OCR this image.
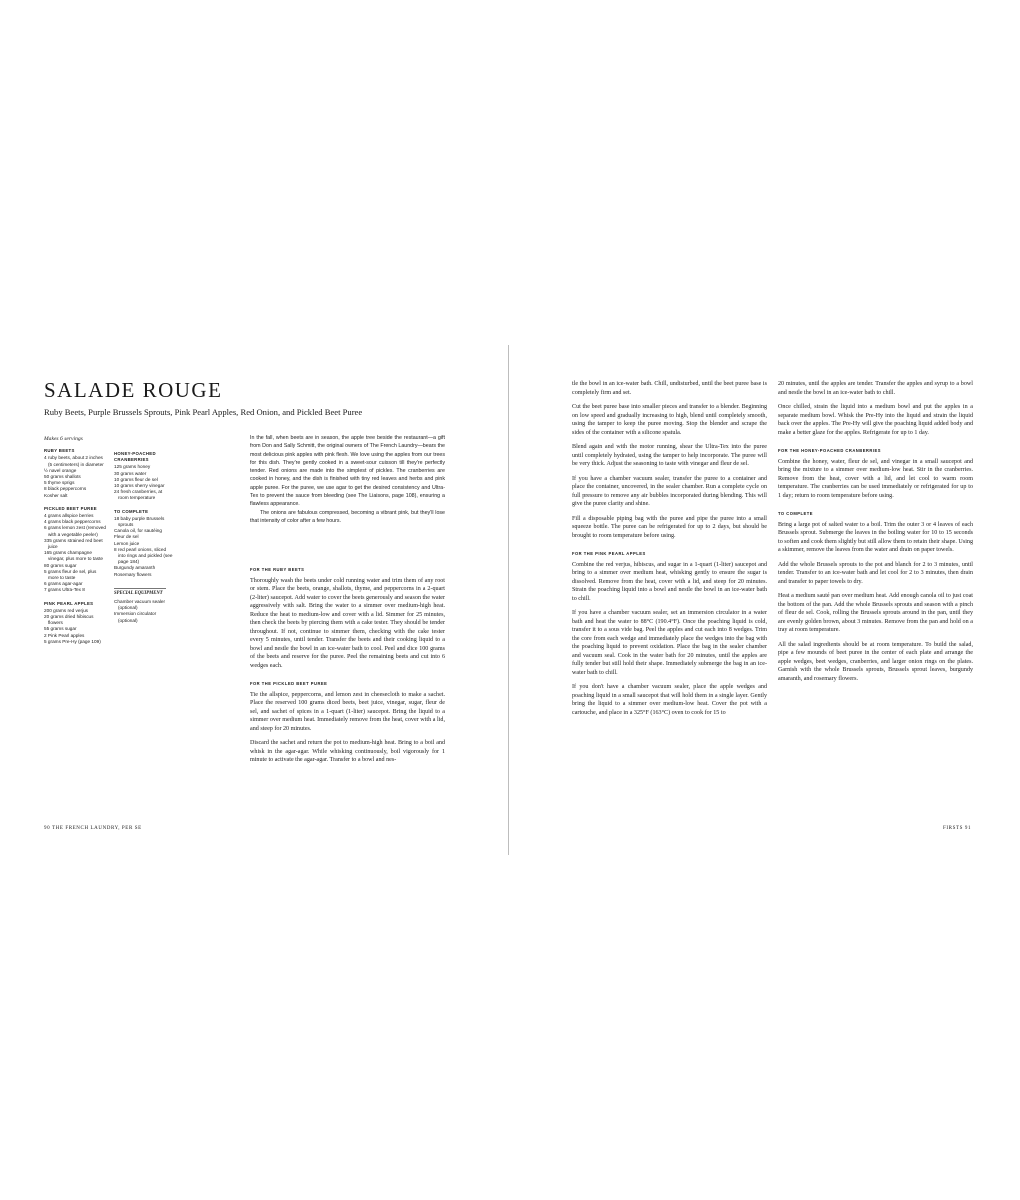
SALADE ROUGE

Ruby Beets, Purple Brussels Sprouts, Pink Pearl Apples, Red Onion, and Pickled Beet Puree

Makes 6 servings
RUBY BEETS
4 ruby beets, about 2 inches (5 centimeters) in diameter
½ navel orange
50 grams shallots
5 thyme sprigs
8 black peppercorns
Kosher salt
PICKLED BEET PUREE
4 grams allspice berries
4 grams black peppercorns
6 grams lemon zest (removed with a vegetable peeler)
335 grams strained red beet juice
165 grams champagne vinegar, plus more to taste
80 grams sugar
5 grams fleur de sel, plus more to taste
6 grams agar-agar
7 grams Ultra-Tex 8
PINK PEARL APPLES
200 grams red verjus
20 grams dried hibiscus flowers
55 grams sugar
2 Pink Pearl apples
5 grams Pre-Hy (page 109)
HONEY-POACHED CRANBERRIES
125 grams honey
30 grams water
10 grams fleur de sel
10 grams sherry vinegar
24 fresh cranberries, at room temperature
TO COMPLETE
18 baby purple Brussels sprouts
Canola oil, for sautéing
Fleur de sel
Lemon juice
8 red pearl onions, sliced into rings and pickled (see page 184)
Burgundy amaranth
Rosemary flowers
SPECIAL EQUIPMENT
Chamber vacuum sealer (optional)
Immersion circulator (optional)

In the fall, when beets are in season, the apple tree beside the restaurant—a gift from Don and Sally Schmitt, the original owners of The French Laundry—bears the most delicious pink apples with pink flesh. We love using the apples from our trees for this dish. They're gently cooked in a sweet-sour cuisson till they're perfectly tender. Red onions are made into the simplest of pickles. The cranberries are cooked in honey, and the dish is finished with tiny red leaves and herbs and pink apple puree. For the puree, we use agar to get the desired consistency and Ultra-Tex to prevent the sauce from bleeding (see The Liaisons, page 108), ensuring a flawless appearance.

The onions are fabulous compressed, becoming a vibrant pink, but they'll lose that intensity of color after a few hours.

FOR THE RUBY BEETS

Thoroughly wash the beets under cold running water and trim them of any root or stem. Place the beets, orange, shallots, thyme, and peppercorns in a 2-quart (2-liter) saucepot. Add water to cover the beets generously and season the water aggressively with salt. Bring the water to a simmer over medium-high heat. Reduce the heat to medium-low and cover with a lid. Simmer for 25 minutes, then check the beets by piercing them with a cake tester. They should be tender throughout. If not, continue to simmer them, checking with the cake tester every 5 minutes, until tender. Transfer the beets and their cooking liquid to a bowl and nestle the bowl in an ice-water bath to cool. Peel and dice 100 grams of the beets and reserve for the puree. Peel the remaining beets and cut into 6 wedges each.

FOR THE PICKLED BEET PUREE

Tie the allspice, peppercorns, and lemon zest in cheesecloth to make a sachet. Place the reserved 100 grams diced beets, beet juice, vinegar, sugar, fleur de sel, and sachet of spices in a 1-quart (1-liter) saucepot. Bring the liquid to a simmer over medium heat. Immediately remove from the heat, cover with a lid, and steep for 20 minutes.

Discard the sachet and return the pot to medium-high heat. Bring to a boil and whisk in the agar-agar. While whisking continuously, boil vigorously for 1 minute to activate the agar-agar. Transfer to a bowl and nes-

90 THE FRENCH LAUNDRY, PER SE

tle the bowl in an ice-water bath. Chill, undisturbed, until the beet puree base is completely firm and set.

Cut the beet puree base into smaller pieces and transfer to a blender. Beginning on low speed and gradually increasing to high, blend until completely smooth, using the tamper to keep the puree moving. Stop the blender and scrape the sides of the container with a silicone spatula.

Blend again and with the motor running, shear the Ultra-Tex into the puree until completely hydrated, using the tamper to help incorporate. The puree will be very thick. Adjust the seasoning to taste with vinegar and fleur de sel.

If you have a chamber vacuum sealer, transfer the puree to a container and place the container, uncovered, in the sealer chamber. Run a complete cycle on full pressure to remove any air bubbles incorporated during blending. This will give the puree clarity and shine.

Fill a disposable piping bag with the puree and pipe the puree into a small squeeze bottle. The puree can be refrigerated for up to 2 days, but should be brought to room temperature before using.

FOR THE PINK PEARL APPLES

Combine the red verjus, hibiscus, and sugar in a 1-quart (1-liter) saucepot and bring to a simmer over medium heat, whisking gently to ensure the sugar is dissolved. Remove from the heat, cover with a lid, and steep for 20 minutes. Strain the poaching liquid into a bowl and nestle the bowl in an ice-water bath to chill.

If you have a chamber vacuum sealer, set an immersion circulator in a water bath and heat the water to 88°C (190.4°F). Once the poaching liquid is cold, transfer it to a sous vide bag. Peel the apples and cut each into 8 wedges. Trim the core from each wedge and immediately place the wedges into the bag with the poaching liquid to prevent oxidation. Place the bag in the sealer chamber and vacuum seal. Cook in the water bath for 20 minutes, until the apples are fully tender but still hold their shape. Immediately submerge the bag in an ice-water bath to chill.

If you don't have a chamber vacuum sealer, place the apple wedges and poaching liquid in a small saucepot that will hold them in a single layer. Gently bring the liquid to a simmer over medium-low heat. Cover the pot with a cartouche, and place in a 325°F (163°C) oven to cook for 15 to

20 minutes, until the apples are tender. Transfer the apples and syrup to a bowl and nestle the bowl in an ice-water bath to chill.

Once chilled, strain the liquid into a medium bowl and put the apples in a separate medium bowl. Whisk the Pre-Hy into the liquid and strain the liquid back over the apples. The Pre-Hy will give the poaching liquid added body and make a better glaze for the apples. Refrigerate for up to 1 day.

FOR THE HONEY-POACHED CRANBERRIES

Combine the honey, water, fleur de sel, and vinegar in a small saucepot and bring the mixture to a simmer over medium-low heat. Stir in the cranberries. Remove from the heat, cover with a lid, and let cool to warm room temperature. The cranberries can be used immediately or refrigerated for up to 1 day; return to room temperature before using.

TO COMPLETE

Bring a large pot of salted water to a boil. Trim the outer 3 or 4 leaves of each Brussels sprout. Submerge the leaves in the boiling water for 10 to 15 seconds to soften and cook them slightly but still allow them to retain their shape. Using a skimmer, remove the leaves from the water and drain on paper towels.

Add the whole Brussels sprouts to the pot and blanch for 2 to 3 minutes, until tender. Transfer to an ice-water bath and let cool for 2 to 3 minutes, then drain and transfer to paper towels to dry.

Heat a medium sauté pan over medium heat. Add enough canola oil to just coat the bottom of the pan. Add the whole Brussels sprouts and season with a pinch of fleur de sel. Cook, rolling the Brussels sprouts around in the pan, until they are evenly golden brown, about 3 minutes. Remove from the pan and hold on a tray at room temperature.

All the salad ingredients should be at room temperature. To build the salad, pipe a few mounds of beet puree in the center of each plate and arrange the apple wedges, beet wedges, cranberries, and larger onion rings on the plates. Garnish with the whole Brussels sprouts, Brussels sprout leaves, burgundy amaranth, and rosemary flowers.

FIRSTS 91
